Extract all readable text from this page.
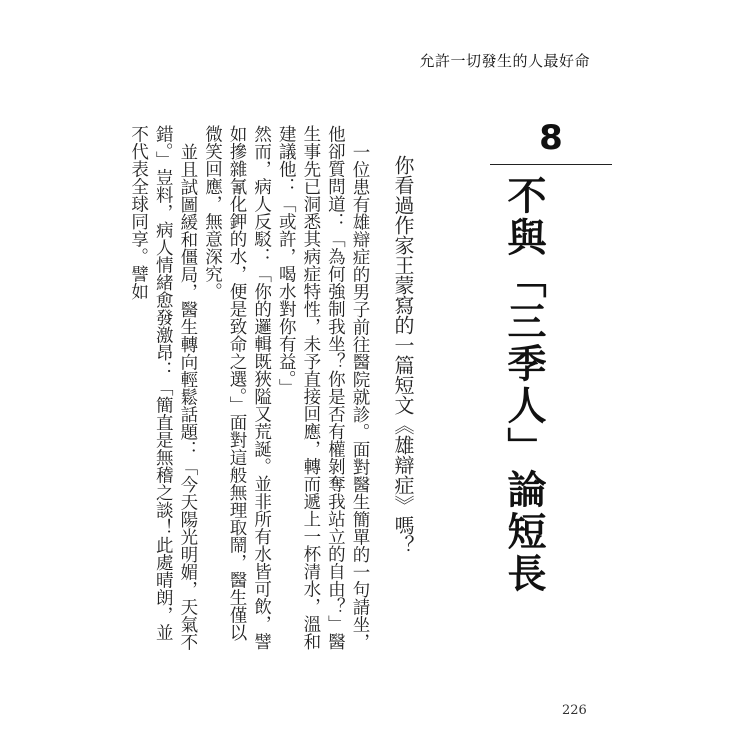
允許一切發生的人最好命
8
不與「三季人」論短長
你看過作家王蒙寫的一篇短文《雄辯症》嗎？

一位患有雄辯症的男子前往醫院就診。面對醫生簡單的一句請坐，他卻質問道：「為何強制我坐？你是否有權剝奪我站立的自由？」醫生事先已洞悉其病症特性，未予直接回應，轉而遞上一杯清水，溫和建議他：「或許，喝水對你有益。」

然而，病人反駁：「你的邏輯既狹隘又荒誕。並非所有水皆可飲，譬如摻雜氰化鉀的水，便是致命之選。」面對這般無理取鬧，醫生僅以微笑回應，無意深究。

並且試圖緩和僵局，醫生轉向輕鬆話題：「今天陽光明媚，天氣不錯。」豈料，病人情緒愈發激昂：「簡直是無稽之談！此處晴朗，並不代表全球同享。譬如

226
